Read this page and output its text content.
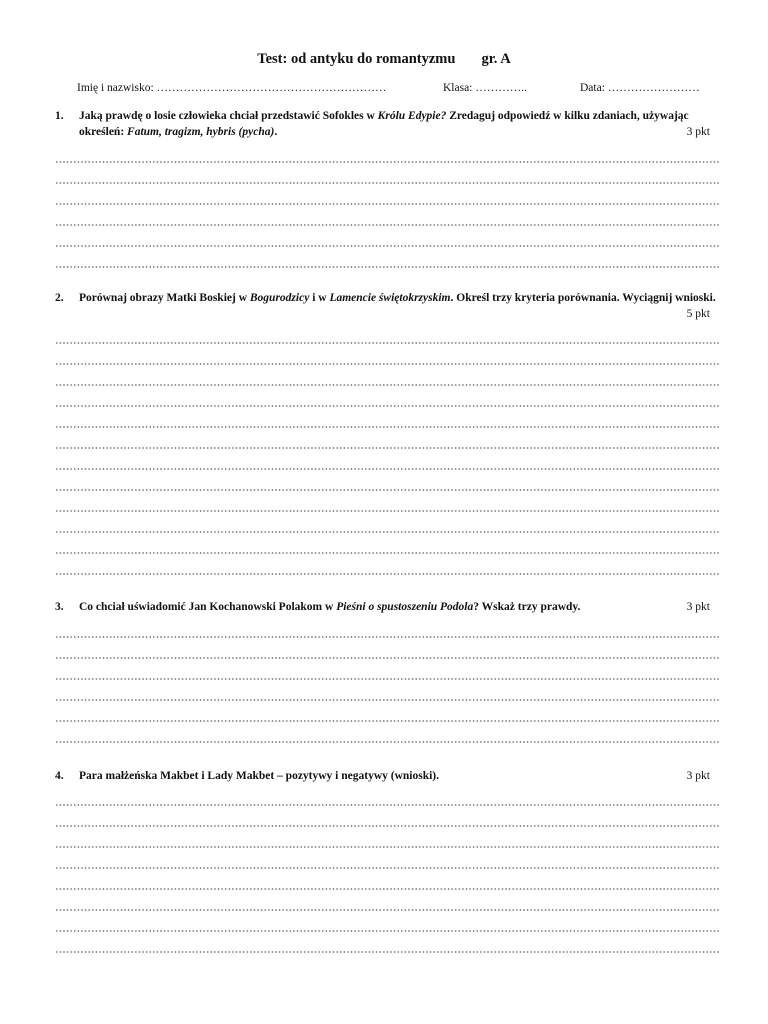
Test: od antyku do romantyzmu gr. A
Imię i nazwisko: ……………………………………………………	Klasa: …………..	Data: ……………………
1. Jaką prawdę o losie człowieka chciał przedstawić Sofokles w Królu Edypie? Zredaguj odpowiedź w kilku zdaniach, używając określeń: Fatum, tragizm, hybris (pycha).	3 pkt
2. Porównaj obrazy Matki Boskiej w Bogurodzicy i w Lamencie świętokrzyskim. Określ trzy kryteria porównania. Wyciągnij wnioski.
5 pkt
3. Co chciał uświadomić Jan Kochanowski Polakom w Pieśni o spustoszeniu Podola? Wskaż trzy prawdy.	3 pkt
4. Para małżeńska Makbet i Lady Makbet – pozytywy i negatywy (wnioski).	3 pkt
